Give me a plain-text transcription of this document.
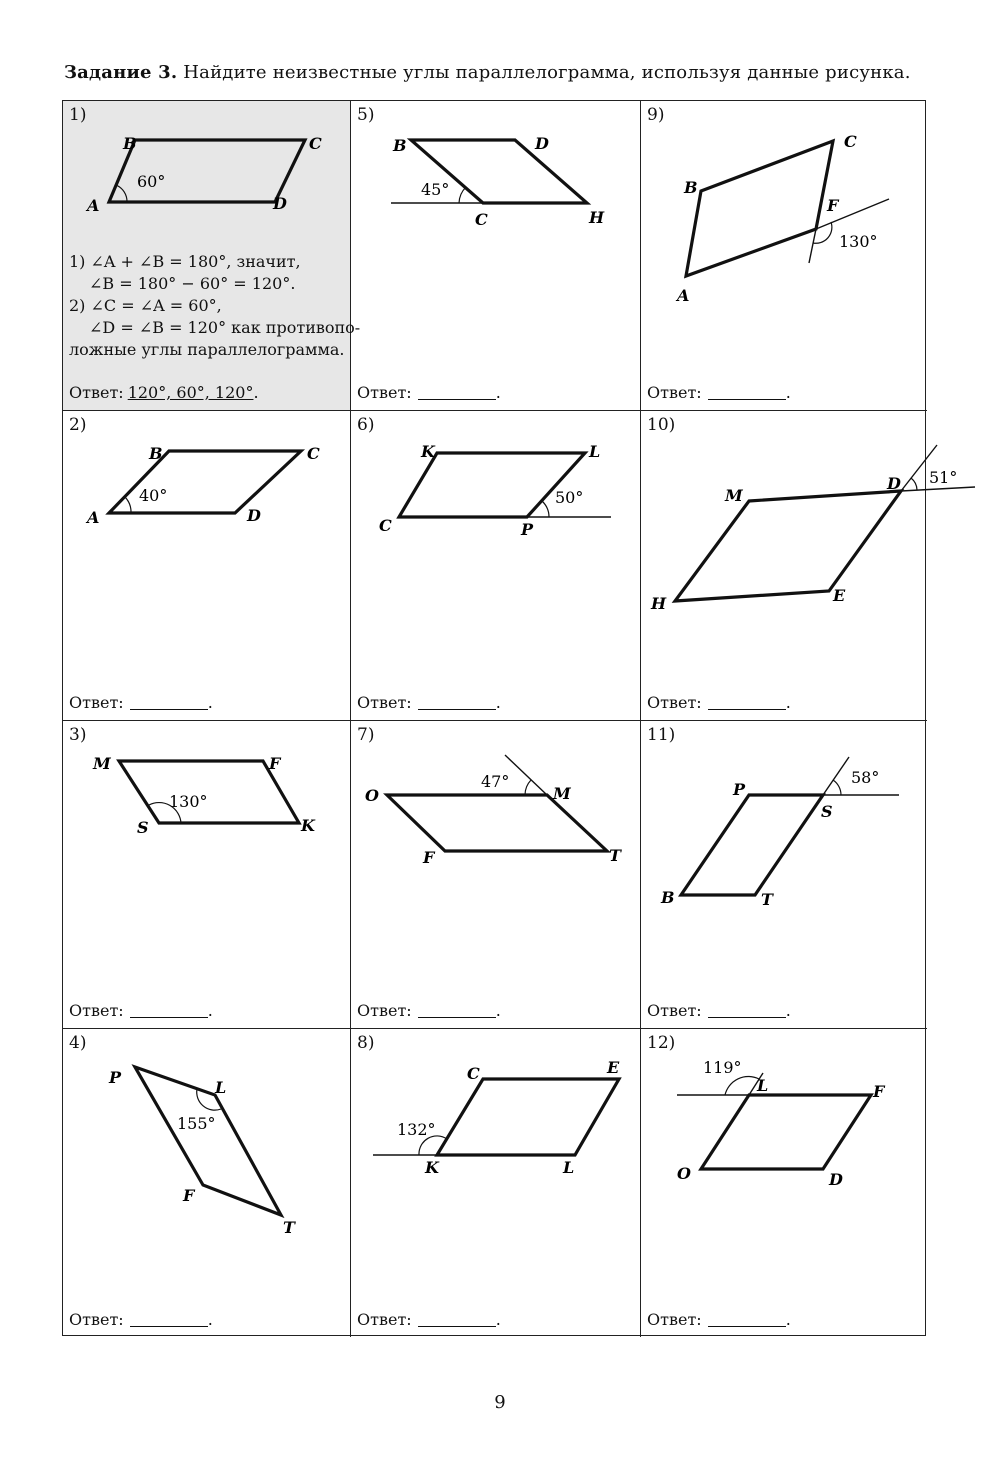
Задание 3. Найдите неизвестные углы параллелограмма, используя данные рисунка.
1)
60°
B	C
A	D
1) ∠A + ∠B = 180°, значит,
∠B = 180° − 60° = 120°.
2) ∠C = ∠A = 60°,
∠D = ∠B = 120° как противопо-
ложные углы параллелограмма.
Ответ: 120°, 60°, 120°.
5)
45°
B	D
C	H
Ответ:	.
9)
130°
B
C
A
F
Ответ:	.
2)
40°
B	C
A	D
Ответ:	.
6)
50°
K	L
C	P
Ответ:	.
10)
51°
M
D
H	E
Ответ:	.
3)
130°
M	F
S	K
Ответ:	.
7)
47°
O	M
F	T
Ответ:	.
11)
58°
P
S
B	T
Ответ:	.
4)
155°
P
L
F
T
Ответ:	.
8)
132°
C	E
K	L
Ответ:	.
12)
119°
L	F
O	D
Ответ:	.
9
